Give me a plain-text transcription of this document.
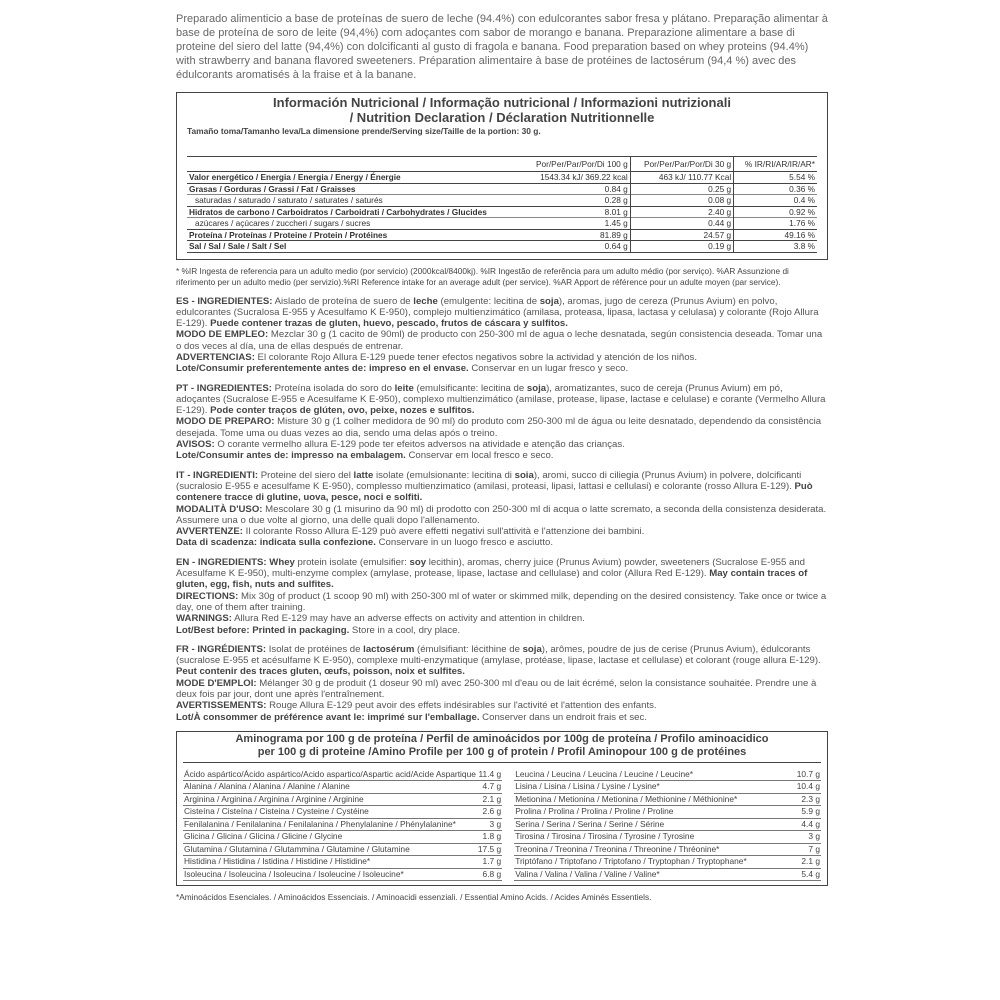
Preparado alimenticio a base de proteínas de suero de leche (94.4%) con edulcorantes sabor fresa y plátano. Preparação alimentar à base de proteína de soro de leite (94,4%) com adoçantes com sabor de morango e banana. Preparazione alimentare a base di proteine del siero del latte (94,4%) con dolcificanti al gusto di fragola e banana. Food preparation based on whey proteins (94.4%) with strawberry and banana flavored sweeteners. Préparation alimentaire à base de protéines de lactosérum (94,4 %) avec des édulcorants aromatisés à la fraise et à la banane.

Información Nutricional / Informação nutricional / Informazioni nutrizionali
/ Nutrition Declaration / Déclaration Nutritionnelle
Tamaño toma/Tamanho leva/La dimensione prende/Serving size/Taille de la portion: 30 g.
	Por/Per/Par/Por/Di 100 g	Por/Per/Par/Por/Di 30 g	% IR/RI/AR/IR/AR*
Valor energético / Energia / Energia / Energy / Énergie	1543.34 kJ/ 369.22 kcal	463 kJ/ 110.77 Kcal	5.54 %
Grasas / Gorduras / Grassi / Fat / Graisses	0.84 g	0.25 g	0.36 %
saturadas / saturado / saturato / saturates / saturés	0.28 g	0.08 g	0.4 %
Hidratos de carbono / Carboidratos / Carboidrati / Carbohydrates / Glucides	8.01 g	2.40 g	0.92 %
azúcares / açúcares / zuccheri / sugars / sucres	1.45 g	0.44 g	1.76 %
Proteína / Proteínas / Proteine / Protein / Protéines	81.89 g	24.57 g	49.16 %
Sal / Sal / Sale / Salt / Sel	0.64 g	0.19 g	3.8 %
* %IR Ingesta de referencia para un adulto medio (por servicio) (2000kcal/8400kj). %IR Ingestão de referência para um adulto médio (por serviço). %AR Assunzione di riferimento per un adulto medio (per servizio).%RI Reference intake for an average adult (per service). %AR Apport de référence pour un adulte moyen (par service).

ES - INGREDIENTES: Aislado de proteína de suero de leche (emulgente: lecitina de soja), aromas, jugo de cereza (Prunus Avium) en polvo, edulcorantes (Sucralosa E-955 y Acesulfamo K E-950), complejo multienzimático (amilasa, proteasa, lipasa, lactasa y celulasa) y colorante (Rojo Allura E-129). Puede contener trazas de gluten, huevo, pescado, frutos de cáscara y sulfitos.

MODO DE EMPLEO: Mezclar 30 g (1 cacito de 90ml) de producto con 250-300 ml de agua o leche desnatada, según consistencia deseada. Tomar una o dos veces al día, una de ellas después de entrenar.

ADVERTENCIAS: El colorante Rojo Allura E-129 puede tener efectos negativos sobre la actividad y atención de los niños.

Lote/Consumir preferentemente antes de: impreso en el envase. Conservar en un lugar fresco y seco.

PT - INGREDIENTES: Proteína isolada do soro do leite (emulsificante: lecitina de soja), aromatizantes, suco de cereja (Prunus Avium) em pó, adoçantes (Sucralose E-955 e Acesulfame K E-950), complexo multienzimático (amilase, protease, lipase, lactase e celulase) e corante (Vermelho Allura E-129). Pode conter traços de glúten, ovo, peixe, nozes e sulfitos.

MODO DE PREPARO: Misture 30 g (1 colher medidora de 90 ml) do produto com 250-300 ml de água ou leite desnatado, dependendo da consistência desejada. Tome uma ou duas vezes ao dia, sendo uma delas após o treino.

AVISOS: O corante vermelho allura E-129 pode ter efeitos adversos na atividade e atenção das crianças.

Lote/Consumir antes de: impresso na embalagem. Conservar em local fresco e seco.

IT - INGREDIENTI: Proteine del siero del latte isolate (emulsionante: lecitina di soia), aromi, succo di ciliegia (Prunus Avium) in polvere, dolcificanti (sucralosio E-955 e acesulfame K E-950), complesso multienzimatico (amilasi, proteasi, lipasi, lattasi e cellulasi) e colorante (rosso Allura E-129). Può contenere tracce di glutine, uova, pesce, noci e solfiti.

MODALITÀ D'USO: Mescolare 30 g (1 misurino da 90 ml) di prodotto con 250-300 ml di acqua o latte scremato, a seconda della consistenza desiderata. Assumere una o due volte al giorno, una delle quali dopo l'allenamento.

AVVERTENZE: Il colorante Rosso Allura E-129 può avere effetti negativi sull'attività e l'attenzione dei bambini.

Data di scadenza: indicata sulla confezione. Conservare in un luogo fresco e asciutto.

EN - INGREDIENTS: Whey protein isolate (emulsifier: soy lecithin), aromas, cherry juice (Prunus Avium) powder, sweeteners (Sucralose E-955 and Acesulfame K E-950), multi-enzyme complex (amylase, protease, lipase, lactase and cellulase) and color (Allura Red E-129). May contain traces of gluten, egg, fish, nuts and sulfites.

DIRECTIONS: Mix 30g of product (1 scoop 90 ml) with 250-300 ml of water or skimmed milk, depending on the desired consistency. Take once or twice a day, one of them after training.

WARNINGS: Allura Red E-129 may have an adverse effects on activity and attention in children.

Lot/Best before: Printed in packaging. Store in a cool, dry place.

FR - INGRÉDIENTS: Isolat de protéines de lactosérum (émulsifiant: lécithine de soja), arômes, poudre de jus de cerise (Prunus Avium), édulcorants (sucralose E-955 et acésulfame K E-950), complexe multi-enzymatique (amylase, protéase, lipase, lactase et cellulase) et colorant (rouge allura E-129). Peut contenir des traces gluten, œufs, poisson, noix et sulfites.

MODE D'EMPLOI: Mélanger 30 g de produit (1 doseur 90 ml) avec 250-300 ml d'eau ou de lait écrémé, selon la consistance souhaitée. Prendre une à deux fois par jour, dont une après l'entraînement.

AVERTISSEMENTS: Rouge Allura E-129 peut avoir des effets indésirables sur l'activité et l'attention des enfants.

Lot/À consommer de préférence avant le: imprimé sur l'emballage. Conserver dans un endroit frais et sec.

Aminograma por 100 g de proteína / Perfil de aminoácidos por 100g de proteína / Profilo aminoacidico
per 100 g di proteine /Amino Profile per 100 g of protein / Profil Aminopour 100 g de protéines
Ácido aspártico/Ácido aspártico/Acido aspartico/Aspartic acid/Acide Aspartique	11.4 g
Alanina / Alanina / Alanina / Alanine / Alanine	4.7 g
Arginina / Arginina / Arginina / Arginine / Arginine	2.1 g
Cisteína / Cisteína / Cisteina / Cysteine / Cystéine	2.6 g
Fenilalanina / Fenilalanina / Fenilalanina / Phenylalanine / Phénylalanine*	3 g
Glicina / Glicina / Glicina / Glicine / Glycine	1.8 g
Glutamina / Glutamina / Glutammina / Glutamine / Glutamine	17.5 g
Histidina / Histidina / Istidina / Histidine / Histidine*	1.7 g
Isoleucina / Isoleucina / Isoleucina / Isoleucine / Isoleucine*	6.8 g
Leucina / Leucina / Leucina / Leucine / Leucine*	10.7 g
Lisina / Lisina / Lisina / Lysine / Lysine*	10.4 g
Metionina / Metionina / Metionina / Methionine / Méthionine*	2.3 g
Prolina / Prolina / Prolina / Proline / Proline	5.9 g
Serina / Serina / Serina / Serine / Sérine	4.4 g
Tirosina / Tirosina / Tirosina / Tyrosine / Tyrosine	3 g
Treonina / Treonina / Treonina / Threonine / Thréonine*	7 g
Triptófano / Triptofano / Triptofano / Tryptophan / Tryptophane*	2.1 g
Valina / Valina / Valina / Valine / Valine*	5.4 g
*Aminoácidos Esenciales. / Aminoácidos Essenciais. / Aminoacidi essenziali. / Essential Amino Acids. / Acides Aminés Essentiels.
